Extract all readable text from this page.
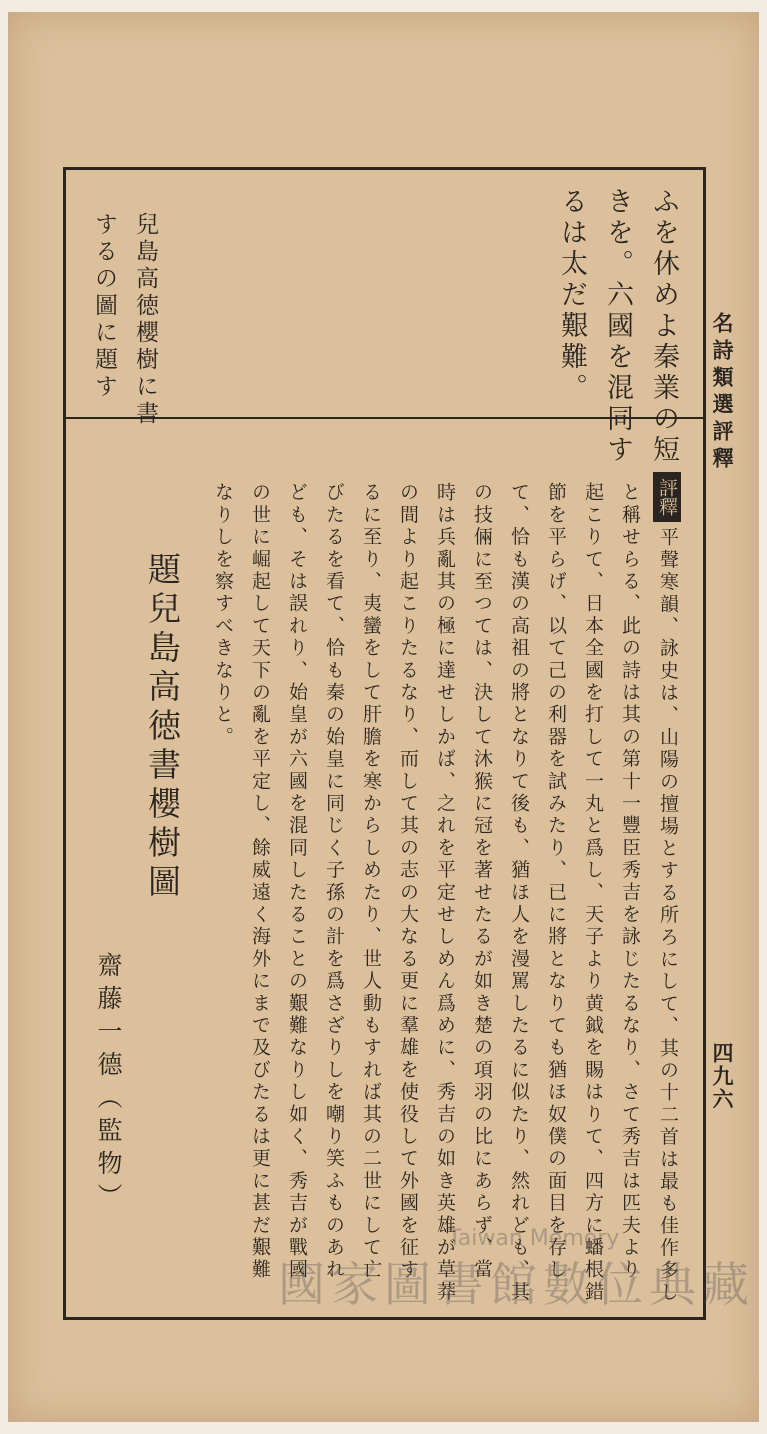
名詩類選評釋
四九六
ふを休めよ秦業の短
きを。六國を混同す
るは太だ艱難。
兒島高徳櫻樹に書
するの圖に題す
評釋
平聲寒韻、詠史は、山陽の擅場とする所ろにして、其の十二首は最も佳作多し
と稱せらる、此の詩は其の第十一豐臣秀吉を詠じたるなり、さて秀吉は匹夫より
起こりて、日本全國を打して一丸と爲し、天子より黄鉞を賜はりて、四方に蟠根錯
節を平らげ、以て己の利器を試みたり、已に將となりても猶ほ奴僕の面目を存し
て、恰も漢の高祖の將となりて後も、猶ほ人を漫罵したるに似たり、然れども、其
の技倆に至つては、決して沐猴に冠を著せたるが如き楚の項羽の比にあらず、當
時は兵亂其の極に達せしかば、之れを平定せしめん爲めに、秀吉の如き英雄が草莽
の間より起こりたるなり、而して其の志の大なる更に羣雄を使役して外國を征す
るに至り、夷蠻をして肝膽を寒からしめたり、世人動もすれば其の二世にして亡
びたるを看て、恰も秦の始皇に同じく子孫の計を爲さざりしを嘲り笑ふものあれ
ども、そは誤れり、始皇が六國を混同したることの艱難なりし如く、秀吉が戰國
の世に崛起して天下の亂を平定し、餘威遠く海外にまで及びたるは更に甚だ艱難
なりしを察すべきなりと。
題兒島高徳書櫻樹圖
齋藤一德（監物）
Taiwan Memory
國家圖書館數位典藏
